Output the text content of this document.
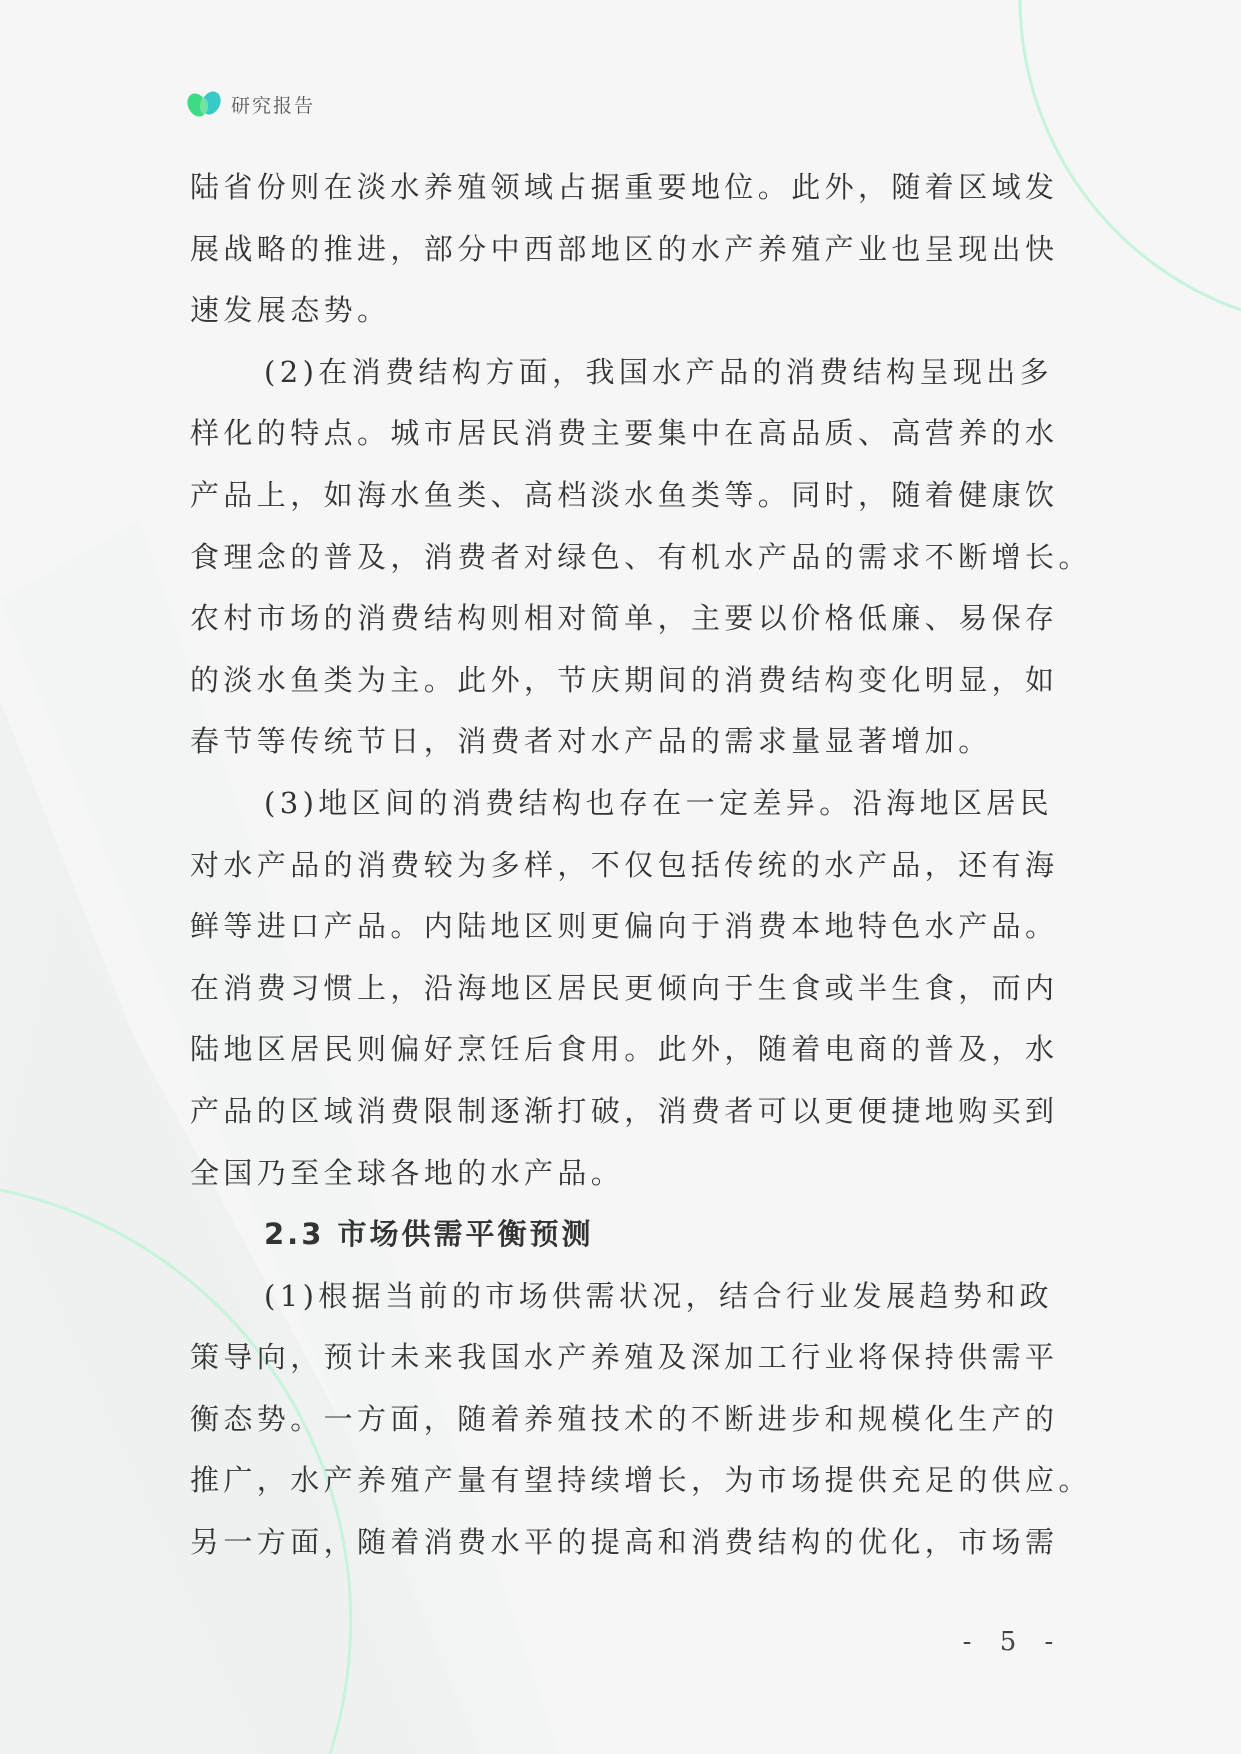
研究报告
陆省份则在淡水养殖领域占据重要地位。此外，随着区域发
展战略的推进，部分中西部地区的水产养殖产业也呈现出快
速发展态势。
(2)在消费结构方面，我国水产品的消费结构呈现出多
样化的特点。城市居民消费主要集中在高品质、高营养的水
产品上，如海水鱼类、高档淡水鱼类等。同时，随着健康饮
食理念的普及，消费者对绿色、有机水产品的需求不断增长。
农村市场的消费结构则相对简单，主要以价格低廉、易保存
的淡水鱼类为主。此外，节庆期间的消费结构变化明显，如
春节等传统节日，消费者对水产品的需求量显著增加。
(3)地区间的消费结构也存在一定差异。沿海地区居民
对水产品的消费较为多样，不仅包括传统的水产品，还有海
鲜等进口产品。内陆地区则更偏向于消费本地特色水产品。
在消费习惯上，沿海地区居民更倾向于生食或半生食，而内
陆地区居民则偏好烹饪后食用。此外，随着电商的普及，水
产品的区域消费限制逐渐打破，消费者可以更便捷地购买到
全国乃至全球各地的水产品。
2.3 市场供需平衡预测
(1)根据当前的市场供需状况，结合行业发展趋势和政
策导向，预计未来我国水产养殖及深加工行业将保持供需平
衡态势。一方面，随着养殖技术的不断进步和规模化生产的
推广，水产养殖产量有望持续增长，为市场提供充足的供应。
另一方面，随着消费水平的提高和消费结构的优化，市场需
- 5 -
